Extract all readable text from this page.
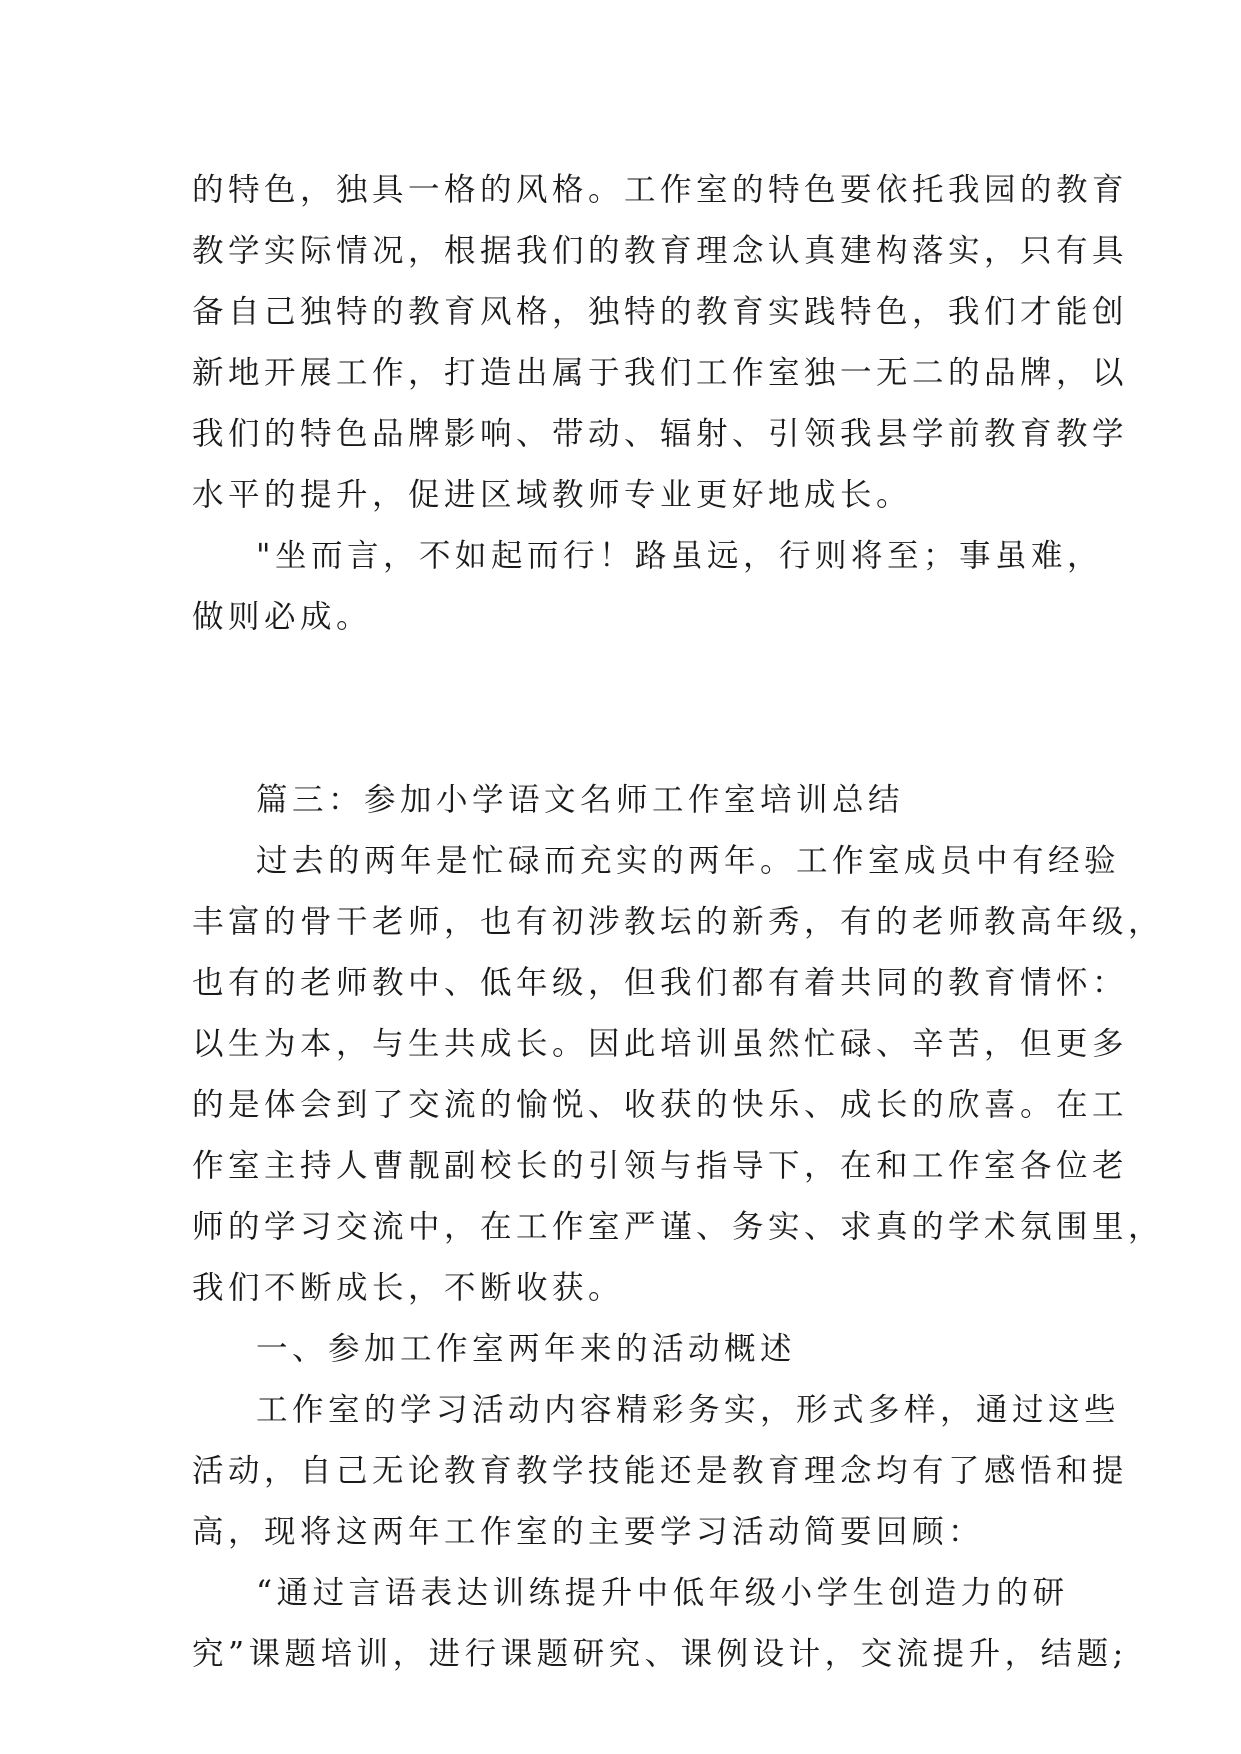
的特色，独具一格的风格。工作室的特色要依托我园的教育
教学实际情况，根据我们的教育理念认真建构落实，只有具
备自己独特的教育风格，独特的教育实践特色，我们才能创
新地开展工作，打造出属于我们工作室独一无二的品牌，以
我们的特色品牌影响、带动、辐射、引领我县学前教育教学
水平的提升，促进区域教师专业更好地成长。

"坐而言，不如起而行！路虽远，行则将至；事虽难，
做则必成。

篇三：参加小学语文名师工作室培训总结

过去的两年是忙碌而充实的两年。工作室成员中有经验
丰富的骨干老师，也有初涉教坛的新秀，有的老师教高年级，
也有的老师教中、低年级，但我们都有着共同的教育情怀：
以生为本，与生共成长。因此培训虽然忙碌、辛苦，但更多
的是体会到了交流的愉悦、收获的快乐、成长的欣喜。在工
作室主持人曹靓副校长的引领与指导下，在和工作室各位老
师的学习交流中，在工作室严谨、务实、求真的学术氛围里，
我们不断成长，不断收获。

一、参加工作室两年来的活动概述

工作室的学习活动内容精彩务实，形式多样，通过这些
活动，自己无论教育教学技能还是教育理念均有了感悟和提
高，现将这两年工作室的主要学习活动简要回顾：

“通过言语表达训练提升中低年级小学生创造力的研
究”课题培训，进行课题研究、课例设计，交流提升，结题;
